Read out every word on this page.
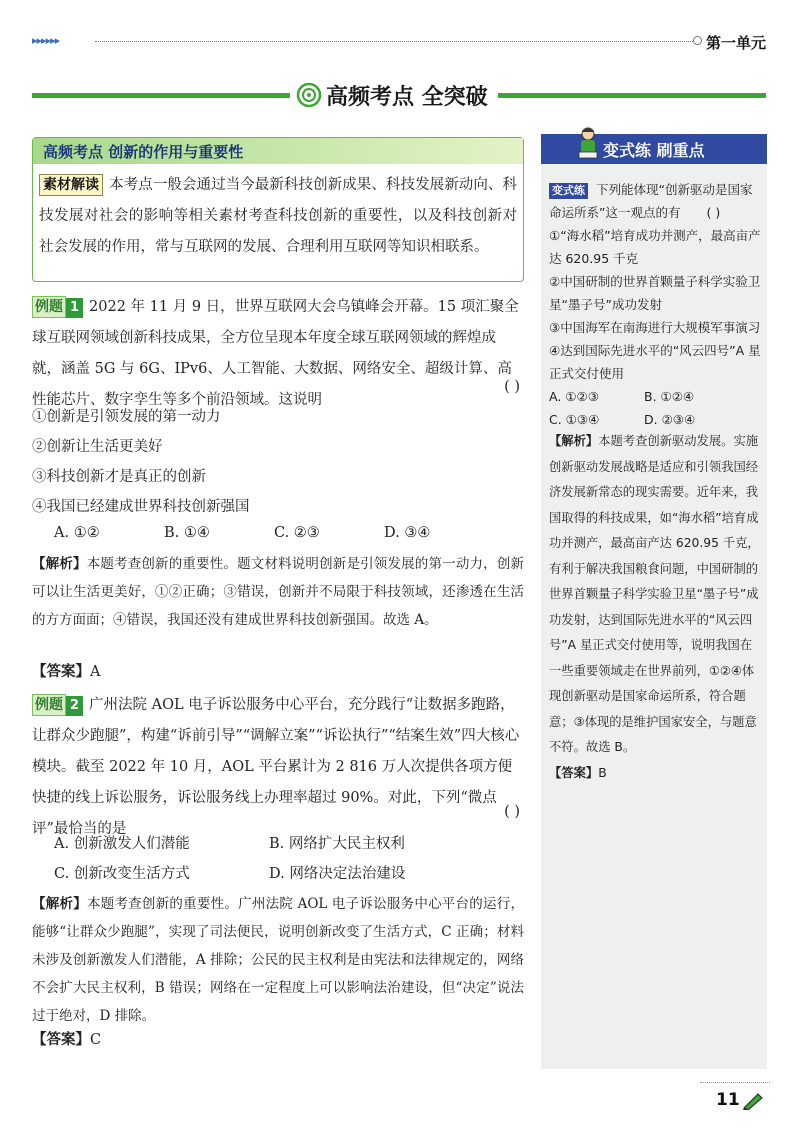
▸▸▸▸▸▸	第一单元
高频考点 全突破
高频考点 创新的作用与重要性
素材解读 本考点一般会通过当今最新科技创新成果、科技发展新动向、科技发展对社会的影响等相关素材考查科技创新的重要性，以及科技创新对社会发展的作用，常与互联网的发展、合理利用互联网等知识相联系。
例题 1 2022 年 11 月 9 日，世界互联网大会乌镇峰会开幕。15 项汇聚全球互联网领域创新科技成果，全方位呈现本年度全球互联网领域的辉煌成就，涵盖 5G 与 6G、IPv6、人工智能、大数据、网络安全、超级计算、高性能芯片、数字孪生等多个前沿领域。这说明
( )
①创新是引领发展的第一动力
②创新让生活更美好
③科技创新才是真正的创新
④我国已经建成世界科技创新强国
A. ①②	B. ①④	C. ②③	D. ③④
【解析】本题考查创新的重要性。题文材料说明创新是引领发展的第一动力，创新可以让生活更美好，①②正确；③错误，创新并不局限于科技领域，还渗透在生活的方方面面；④错误，我国还没有建成世界科技创新强国。故选 A。
【答案】A
例题 2 广州法院 AOL 电子诉讼服务中心平台，充分践行“让数据多跑路，让群众少跑腿”，构建“诉前引导”“调解立案”“诉讼执行”“结案生效”四大核心模块。截至 2022 年 10 月，AOL 平台累计为 2 816 万人次提供各项方便快捷的线上诉讼服务，诉讼服务线上办理率超过 90%。对此，下列“微点评”最恰当的是
( )
A. 创新激发人们潜能	B. 网络扩大民主权利
C. 创新改变生活方式	D. 网络决定法治建设
【解析】本题考查创新的重要性。广州法院 AOL 电子诉讼服务中心平台的运行，能够“让群众少跑腿”，实现了司法便民，说明创新改变了生活方式，C 正确；材料未涉及创新激发人们潜能，A 排除；公民的民主权利是由宪法和法律规定的，网络不会扩大民主权利，B 错误；网络在一定程度上可以影响法治建设，但“决定”说法过于绝对，D 排除。
【答案】C
变式练 刷重点
变式练 下列能体现“创新驱动是国家命运所系”这一观点的有 ( )
①“海水稻”培育成功并测产，最高亩产达 620.95 千克
②中国研制的世界首颗量子科学实验卫星“墨子号”成功发射
③中国海军在南海进行大规模军事演习
④达到国际先进水平的“风云四号”A 星正式交付使用
A. ①②③	B. ①②④
C. ①③④	D. ②③④
【解析】本题考查创新驱动发展。实施创新驱动发展战略是适应和引领我国经济发展新常态的现实需要。近年来，我国取得的科技成果，如“海水稻”培育成功并测产，最高亩产达 620.95 千克，有利于解决我国粮食问题，中国研制的世界首颗量子科学实验卫星“墨子号”成功发射，达到国际先进水平的“风云四号”A 星正式交付使用等，说明我国在一些重要领域走在世界前列，①②④体现创新驱动是国家命运所系，符合题意；③体现的是维护国家安全，与题意不符。故选 B。
【答案】B
11
